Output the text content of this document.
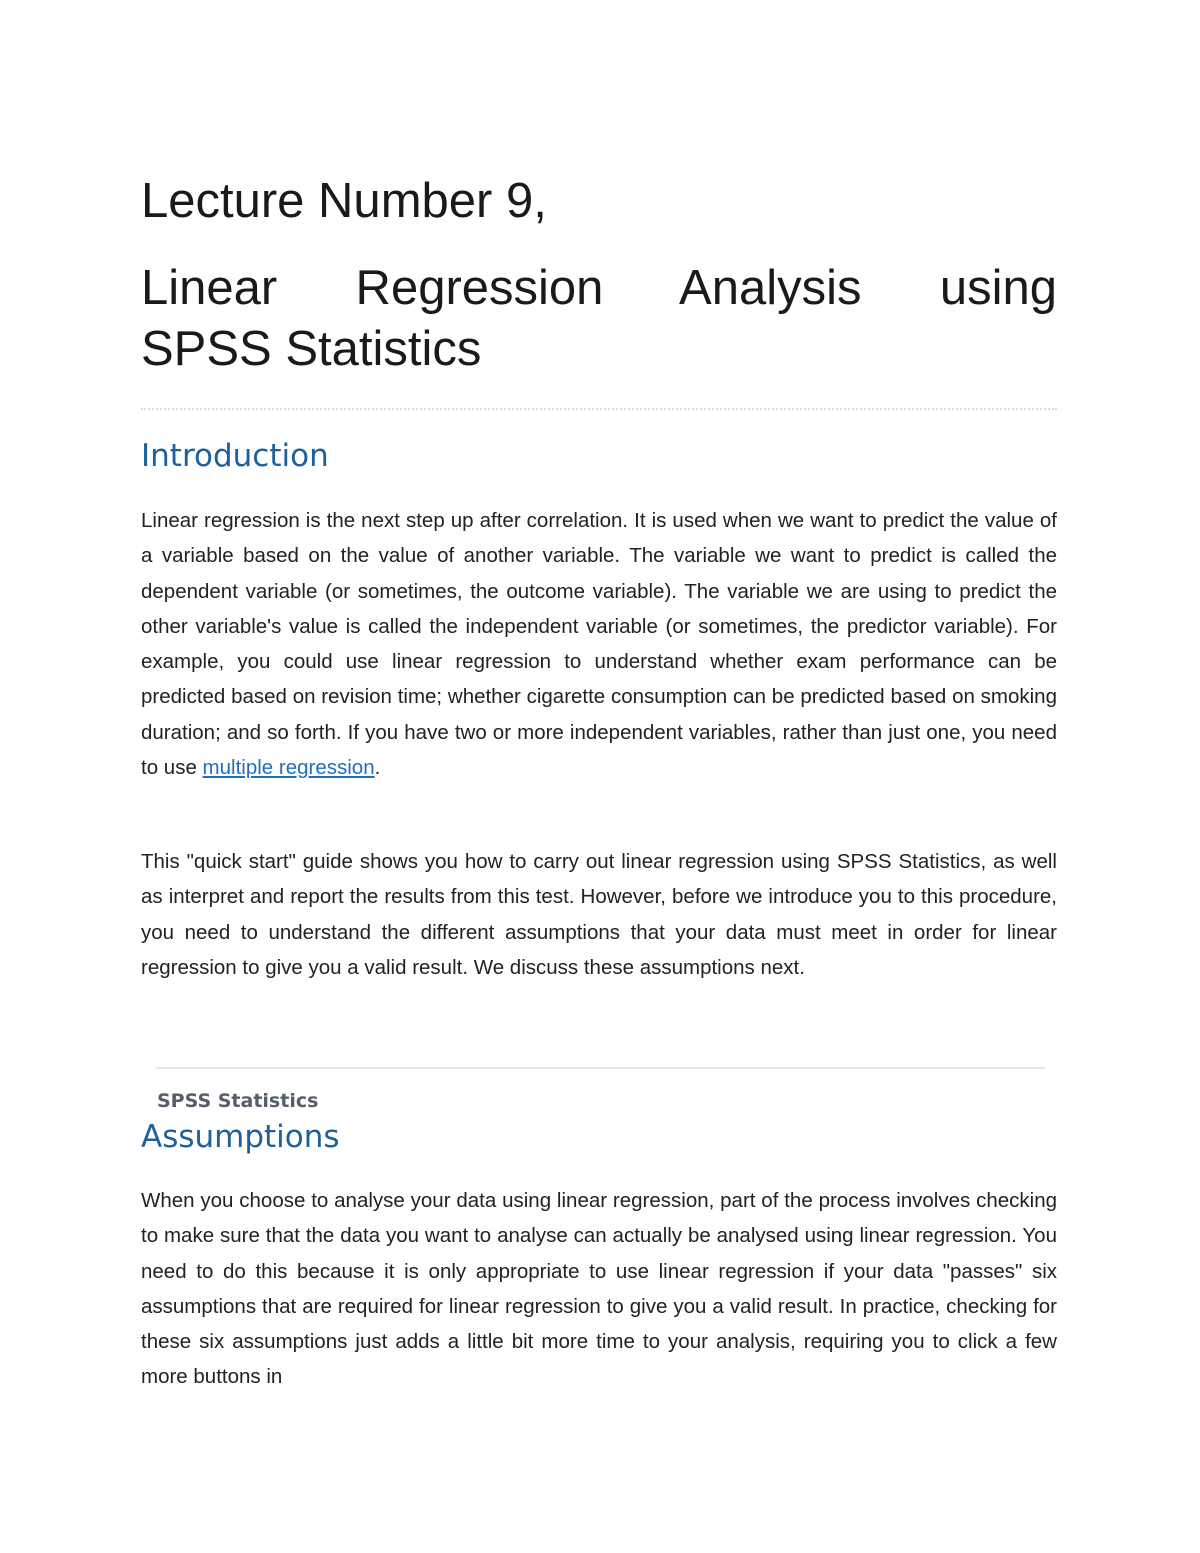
Lecture Number 9,
Linear Regression Analysis using
SPSS Statistics
Introduction

Linear regression is the next step up after correlation. It is used when we want to predict the value of a variable based on the value of another variable. The variable we want to predict is called the dependent variable (or sometimes, the outcome variable). The variable we are using to predict the other variable's value is called the independent variable (or sometimes, the predictor variable). For example, you could use linear regression to understand whether exam performance can be predicted based on revision time; whether cigarette consumption can be predicted based on smoking duration; and so forth. If you have two or more independent variables, rather than just one, you need to use multiple regression.

This "quick start" guide shows you how to carry out linear regression using SPSS Statistics, as well as interpret and report the results from this test. However, before we introduce you to this procedure, you need to understand the different assumptions that your data must meet in order for linear regression to give you a valid result. We discuss these assumptions next.

SPSS Statistics
Assumptions

When you choose to analyse your data using linear regression, part of the process involves checking to make sure that the data you want to analyse can actually be analysed using linear regression. You need to do this because it is only appropriate to use linear regression if your data "passes" six assumptions that are required for linear regression to give you a valid result. In practice, checking for these six assumptions just adds a little bit more time to your analysis, requiring you to click a few more buttons in
